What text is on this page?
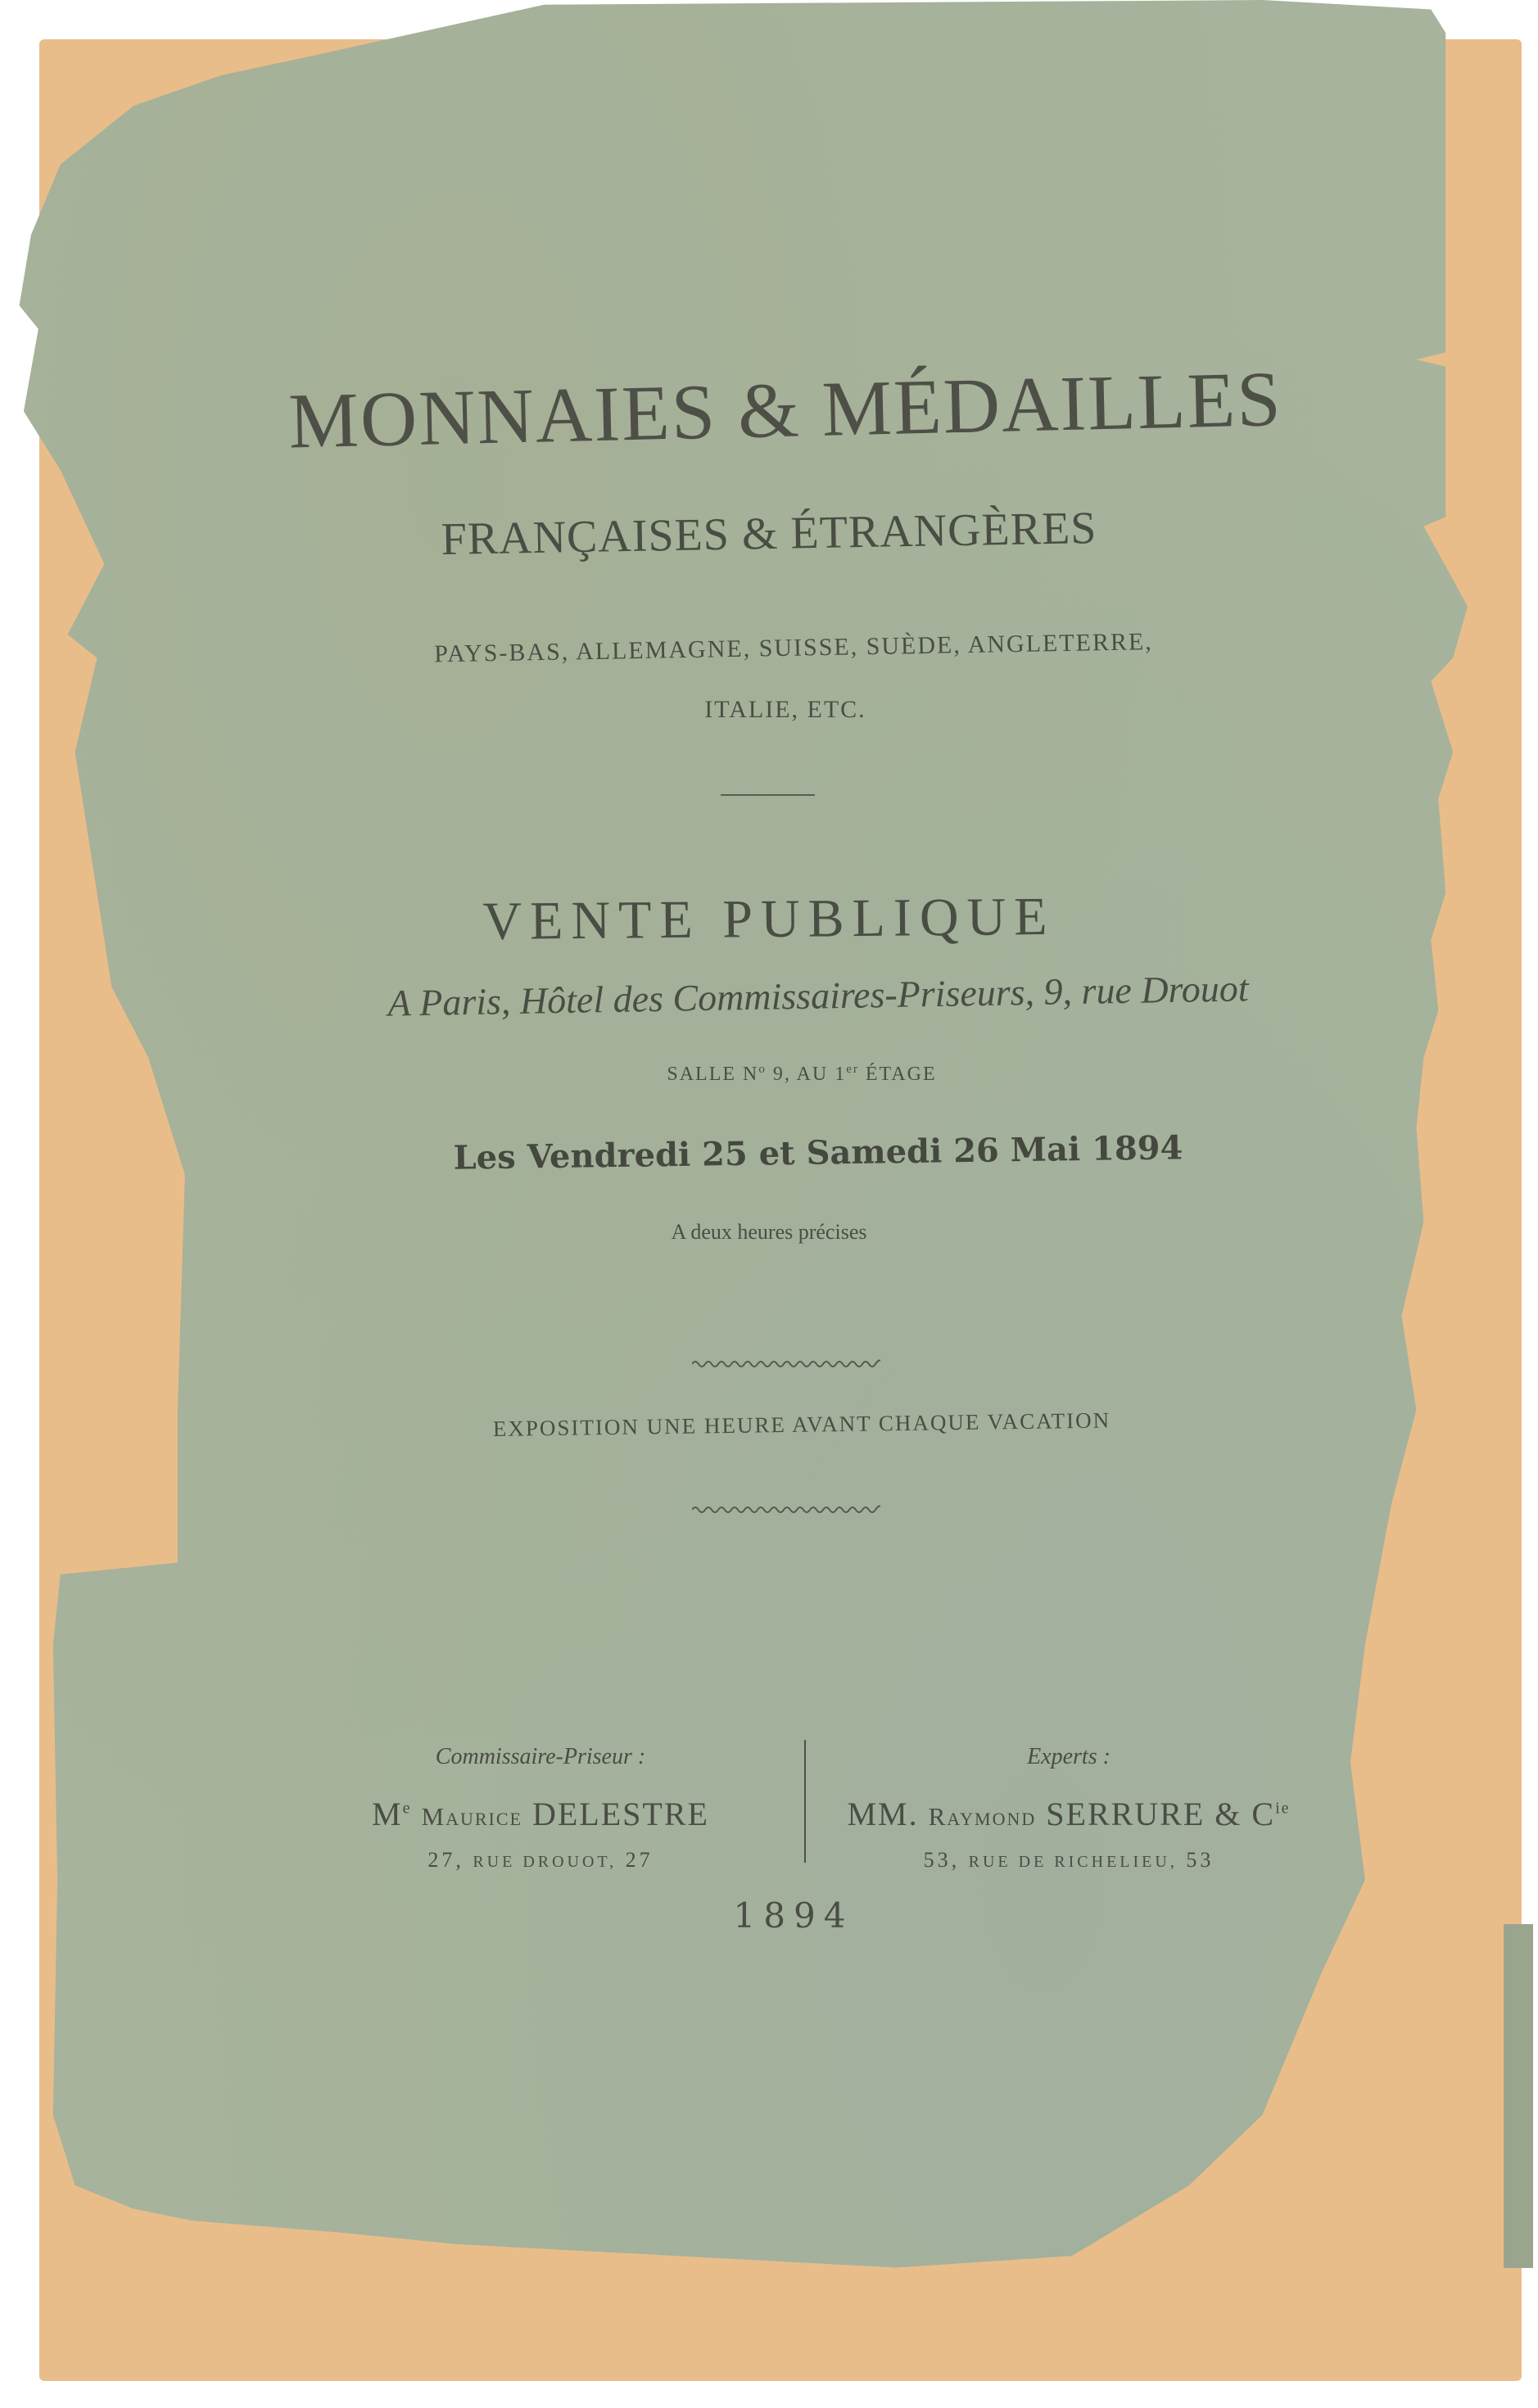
MONNAIES & MÉDAILLES
FRANÇAISES & ÉTRANGÈRES
PAYS-BAS, ALLEMAGNE, SUISSE, SUÈDE, ANGLETERRE,
ITALIE, ETC.
VENTE PUBLIQUE
A Paris, Hôtel des Commissaires-Priseurs, 9, rue Drouot
SALLE $N^o$ 9, AU 1er ÉTAGE
Les Vendredi 25 et Samedi 26 Mai 1894
A deux heures précises
EXPOSITION UNE HEURE AVANT CHAQUE VACATION
Commissaire-Priseur :
Me Maurice DELESTRE
27, RUE DROUOT, 27
Experts :
MM. Raymond SERRURE & $C^{ie}$
53, RUE DE RICHELIEU, 53
1894
